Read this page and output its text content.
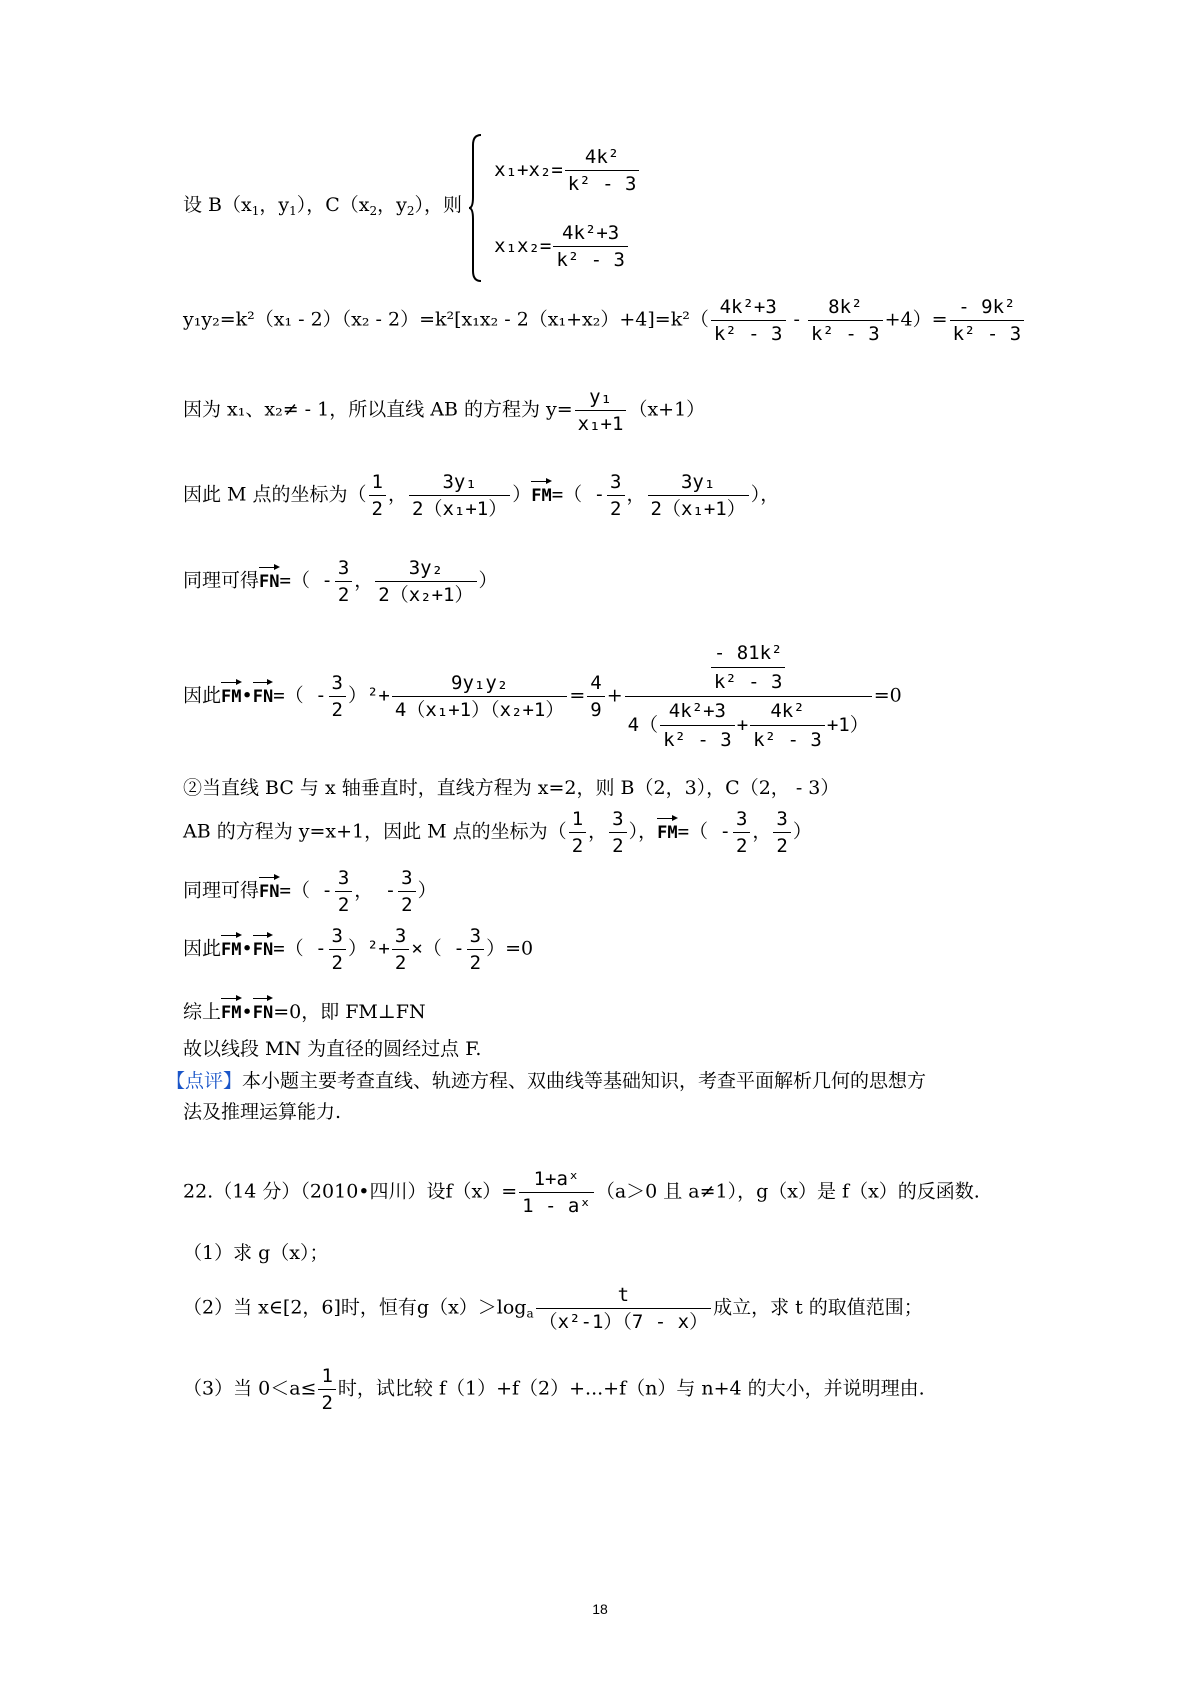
设 $B(x_1$，$y_1$），$C(x_2$，$y_2$），则
$x_1+x_2= \frac{\text{4k²}}{\text{k² - 3}}$
$x_1x_2= \frac{\text{4k²+3}}{\text{k² - 3}}$
$y_1y_2=k^2(x_1 - 2)(x_2 - 2)=k^2[x_1x_2 - 2(x_1+x_2)+4]=k^2( \frac{\text{4k²+3}}{\text{k² - 3}} - \frac{\text{8k²}}{\text{k² - 3}} +4)= \frac{\text{- 9k²}}{\text{k² - 3}}$
因为 x₁、x₂≠ - 1，所以直线 AB 的方程为 $y= \frac{\text{y₁}}{\text{x₁+1}} (x+1)$
因此 M 点的坐标为（ $\frac{1}{2}$ ， $\frac{\text{3y₁}}{\text{2（x₁+1）}} )FM=( - \frac{3}{2}$ ， $\frac{\text{3y₁}}{\text{2（x₁+1）}}$ ），
同理可得$FN=( - \frac{3}{2}$ ， $\frac{\text{3y₂}}{\text{2（x₂+1）}}$ ）
因此FM•FN=（ - $\frac{3}{2} )^2+ \frac{\text{9y₁y₂}}{\text{4（x₁+1）（x₂+1）}} = \frac{4}{9} + \frac{\frac{\text{- 81k²}}{\text{k² - 3}}}{4( \frac{\text{4k²+3}}{\text{k² - 3}} + \frac{\text{4k²}}{\text{k² - 3}} +1)} =0$
②当直线 BC 与 x 轴垂直时，直线方程为 x=2，则 B（2，3），C（2， - 3）
AB 的方程为 y=x+1，因此 M 点的坐标为（ $\frac{1}{2}$ ， $\frac{3}{2}$ ），$FM=( - \frac{3}{2}$ ， $\frac{3}{2}$ ）
同理可得$FN=( - \frac{3}{2}$ ， - $\frac{3}{2}$ ）
因此FM•FN=（ - $\frac{3}{2} )^2+ \frac{3}{2}$ ×（ - $\frac{3}{2} )=0$
综上FM•FN=0，即 FM⊥FN
故以线段 MN 为直径的圆经过点 F.
【点评】本小题主要考查直线、轨迹方程、双曲线等基础知识，考查平面解析几何的思想方
法及推理运算能力.
22.（14 分）（2010•四川）设$f(x)= \frac{\text{1+aˣ}}{\text{1 - aˣ}} (a>0$ 且 a≠1），g（x）是 f（x）的反函数.
（1）求 g（x）；
（2）当 x∈[2，6]时，恒有$g(x)>\log_a \frac{t}{\text{（x²-1）（7 - x）}}$ 成立，求 t 的取值范围；
（3）当 $0<a\le \frac{1}{2}$ 时，试比较 f（1）+f（2）+...+f（n）与 n+4 的大小，并说明理由.
18
